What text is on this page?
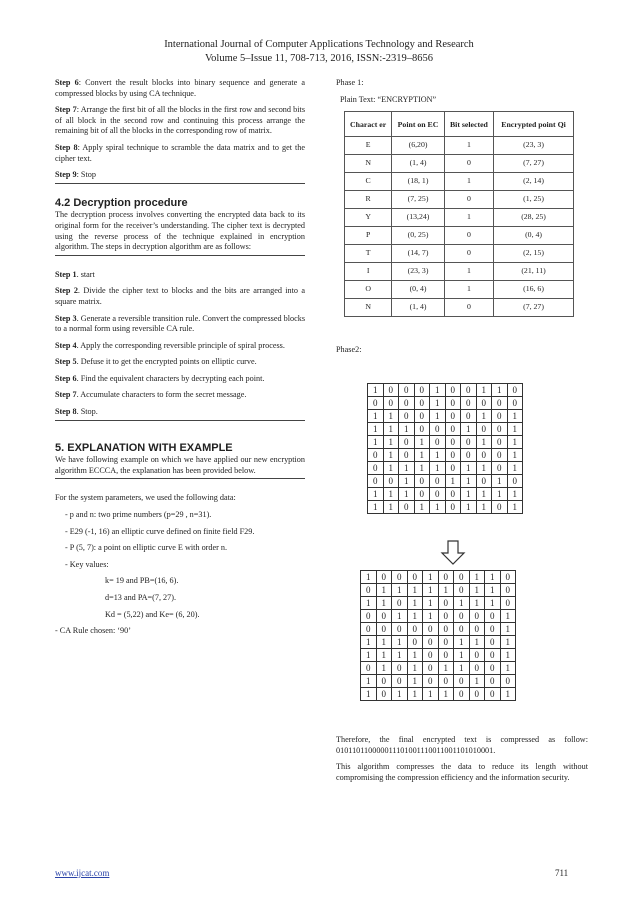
International Journal of Computer Applications Technology and Research
Volume 5–Issue 11, 708-713, 2016, ISSN:-2319–8656
Step 6: Convert the result blocks into binary sequence and generate a compressed blocks by using CA technique.
Step 7: Arrange the first bit of all the blocks in the first row and second bits of all block in the second row and continuing this process arrange the remaining bit of all the blocks in the corresponding row of matrix.
Step 8: Apply spiral technique to scramble the data matrix and to get the cipher text.
Step 9: Stop
4.2 Decryption procedure
The decryption process involves converting the encrypted data back to its original form for the receiver’s understanding. The cipher text is decrypted using the reverse process of the technique explained in encryption algorithm. The steps in decryption algorithm are as follows:
Step 1. start
Step 2. Divide the cipher text to blocks and the bits are arranged into a square matrix.
Step 3. Generate a reversible transition rule. Convert the compressed blocks to a normal form using reversible CA rule.
Step 4. Apply the corresponding reversible principle of spiral process.
Step 5. Defuse it to get the encrypted points on elliptic curve.
Step 6. Find the equivalent characters by decrypting each point.
Step 7. Accumulate characters to form the secret message.
Step 8. Stop.
5. EXPLANATION WITH EXAMPLE
We have following example on which we have applied our new encryption algorithm ECCCA, the explanation has been provided below.
For the system parameters, we used the following data:
- p and n: two prime numbers (p=29 , n=31).
- E29 (-1, 16) an elliptic curve defined on finite field F29.
- P (5, 7): a point on elliptic curve E with order n.
- Key values:
k= 19 and PB=(16, 6).
d=13 and PA=(7, 27).
Kd = (5,22) and Ke= (6, 20).
- CA Rule chosen: ‘90’
Phase 1:
Plain Text: “ENCRYPTION”
Charact er	Point on EC	Bit selected	Encrypted point Qi
E	(6,20)	1	(23, 3)
N	(1, 4)	0	(7, 27)
C	(18, 1)	1	(2, 14)
R	(7, 25)	0	(1, 25)
Y	(13,24)	1	(28, 25)
P	(0, 25)	0	(0, 4)
T	(14, 7)	0	(2, 15)
I	(23, 3)	1	(21, 11)
O	(0, 4)	1	(16, 6)
N	(1, 4)	0	(7, 27)
Phase2:
1	0	0	0	1	0	0	1	1	0
0	0	0	0	1	0	0	0	0	0
1	1	0	0	1	0	0	1	0	1
1	1	1	0	0	0	1	0	0	1
1	1	0	1	0	0	0	1	0	1
0	1	0	1	1	0	0	0	0	1
0	1	1	1	1	0	1	1	0	1
0	0	1	0	0	1	1	0	1	0
1	1	1	0	0	0	1	1	1	1
1	1	0	1	1	0	1	1	0	1
1	0	0	0	1	0	0	1	1	0
0	1	1	1	1	1	0	1	1	0
1	1	0	1	1	0	1	1	1	0
0	0	1	1	1	0	0	0	0	1
0	0	0	0	0	0	0	0	0	1
1	1	1	0	0	0	1	1	0	1
1	1	1	1	0	0	1	0	0	1
0	1	0	1	0	1	1	0	0	1
1	0	0	1	0	0	0	1	0	0
1	0	1	1	1	1	0	0	0	1
Therefore, the final encrypted text is compressed as follow: 010110110000011101001110011001101010001.
This algorithm compresses the data to reduce its length without compromising the compression efficiency and the information security.
www.ijcat.com	711
